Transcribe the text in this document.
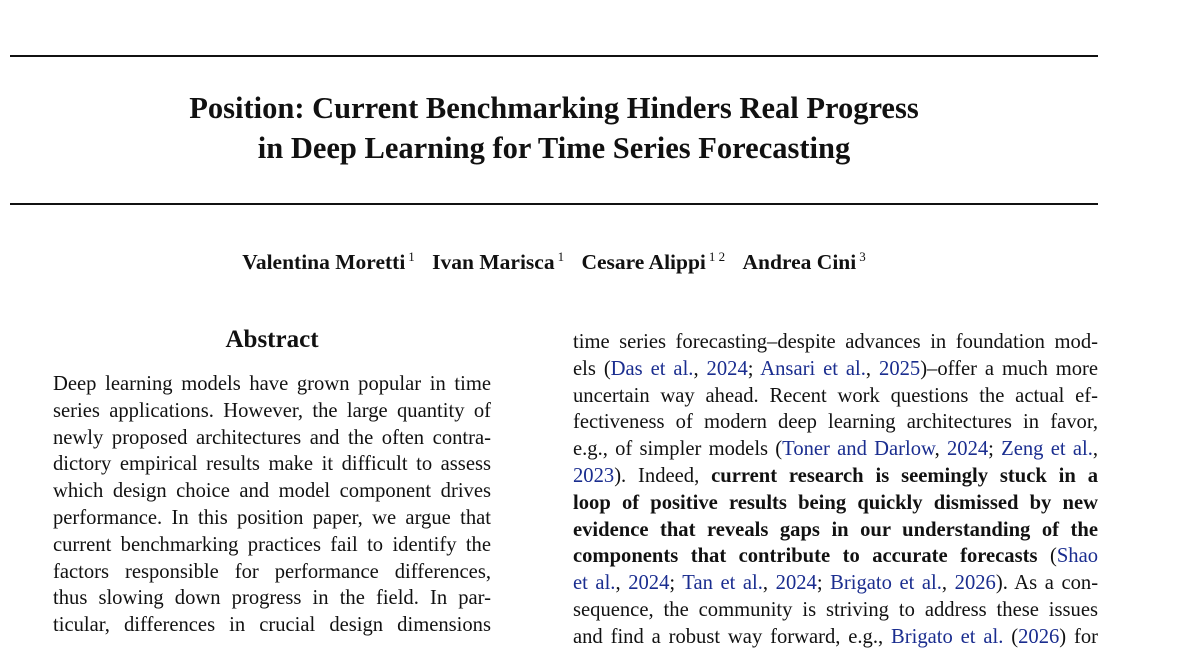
Position: Current Benchmarking Hinders Real Progress
in Deep Learning for Time Series Forecasting
Valentina Moretti $^1$ Ivan Marisca $^1$ Cesare Alippi $^{1 2}$ Andrea Cini $^3$
Abstract
Deep learning models have grown popular in time
series applications. However, the large quantity of
newly proposed architectures and the often contra-
dictory empirical results make it difficult to assess
which design choice and model component drives
performance. In this position paper, we argue that
current benchmarking practices fail to identify the
factors responsible for performance differences,
thus slowing down progress in the field. In par-
ticular, differences in crucial design dimensions
time series forecasting–despite advances in foundation mod-
els (Das et al., 2024; Ansari et al., 2025)–offer a much more
uncertain way ahead. Recent work questions the actual ef-
fectiveness of modern deep learning architectures in favor,
e.g., of simpler models (Toner and Darlow, 2024; Zeng et al.,
2023). Indeed, current research is seemingly stuck in a
loop of positive results being quickly dismissed by new
evidence that reveals gaps in our understanding of the
components that contribute to accurate forecasts (Shao
et al., 2024; Tan et al., 2024; Brigato et al., 2026). As a con-
sequence, the community is striving to address these issues
and find a robust way forward, e.g., Brigato et al. (2026) for
